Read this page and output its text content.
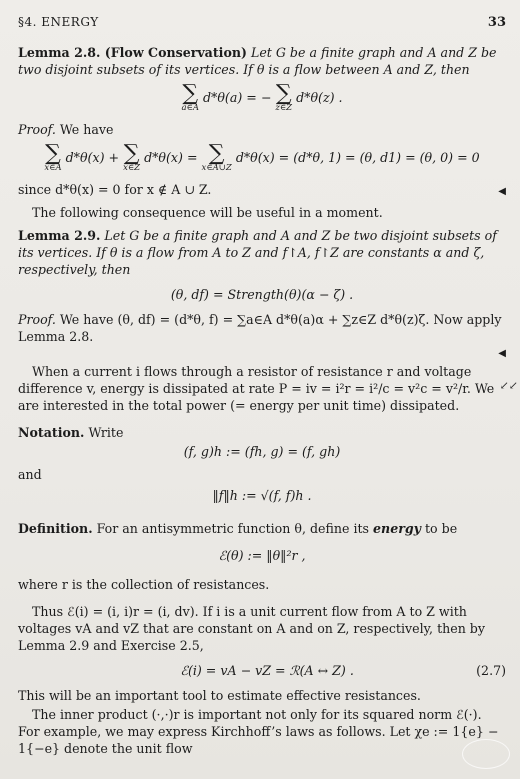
§4. ENERGY	33

Lemma 2.8. (Flow Conservation) Let G be a finite graph and A and Z be two disjoint subsets of its vertices. If θ is a flow between A and Z, then

∑
a∈A
d*θ(a) = − ∑
z∈Z
d*θ(z) .

Proof. We have

∑
x∈A
d*θ(x) + ∑
x∈Z
d*θ(x) = ∑
x∈A∪Z
d*θ(x) = (d*θ, 1) = (θ, d1) = (θ, 0) = 0
since d*θ(x) = 0 for x ∉ A ∪ Z.	◀

The following consequence will be useful in a moment.

Lemma 2.9. Let G be a finite graph and A and Z be two disjoint subsets of its vertices. If θ is a flow from A to Z and f↾A, f↾Z are constants α and ζ, respectively, then

(θ, df) = Strength(θ)(α − ζ) .

Proof. We have (θ, df) = (d*θ, f) = ∑a∈A d*θ(a)α + ∑z∈Z d*θ(z)ζ. Now apply Lemma 2.8.

◀

When a current i flows through a resistor of resistance r and voltage difference v, energy is dissipated at rate P = iv = i²r = i²/c = v²c = v²/r. We are interested in the total power (= energy per unit time) dissipated.

Notation. Write

(f, g)h := (fh, g) = (f, gh)

and

‖f‖h := √(f, f)h .

Definition. For an antisymmetric function θ, define its energy to be

ℰ(θ) := ‖θ‖²r ,

where r is the collection of resistances.

Thus ℰ(i) = (i, i)r = (i, dv). If i is a unit current flow from A to Z with voltages vA and vZ that are constant on A and on Z, respectively, then by Lemma 2.9 and Exercise 2.5,

ℰ(i) = vA − vZ = ℛ(A ↔ Z) .	(2.7)

This will be an important tool to estimate effective resistances.

The inner product (·,·)r is important not only for its squared norm ℰ(·). For example, we may express Kirchhoff’s laws as follows. Let χe := 1{e} − 1{−e} denote the unit flow

↙↙
